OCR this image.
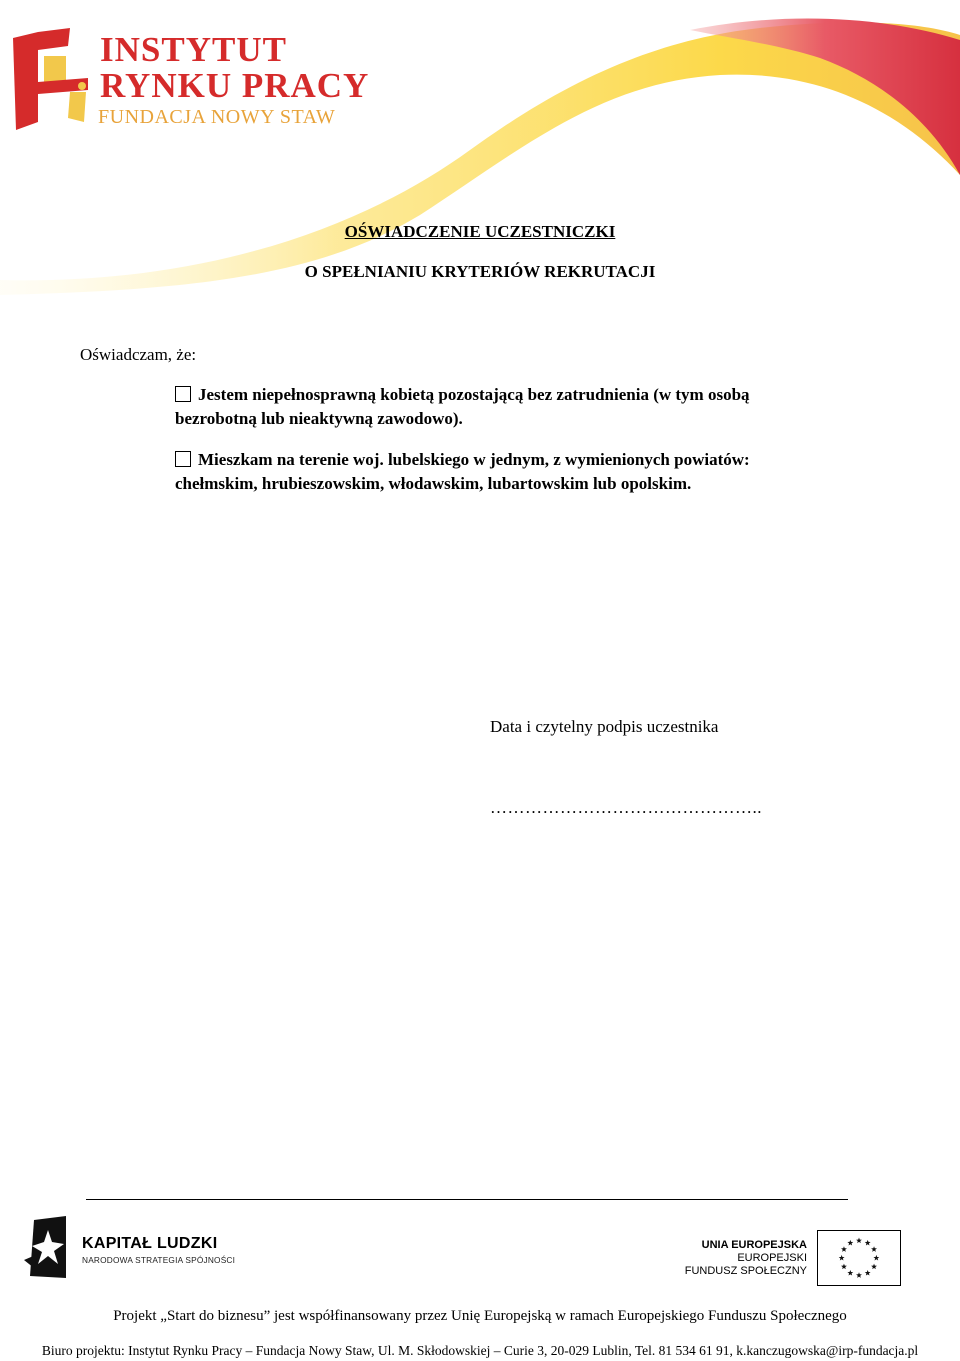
INSTYTUT
RYNKU PRACY
FUNDACJA NOWY STAW
OŚWIADCZENIE UCZESTNICZKI
O SPEŁNIANIU KRYTERIÓW REKRUTACJI
Oświadczam, że:
Jestem niepełnosprawną kobietą pozostającą bez zatrudnienia (w tym osobą bezrobotną lub nieaktywną zawodowo).
Mieszkam na terenie woj. lubelskiego w jednym, z wymienionych powiatów: chełmskim, hrubieszowskim, włodawskim, lubartowskim lub opolskim.
Data i czytelny podpis uczestnika
………………………………………..
KAPITAŁ LUDZKI
NARODOWA STRATEGIA SPÓJNOŚCI
UNIA EUROPEJSKA
EUROPEJSKI
FUNDUSZ SPOŁECZNY
Projekt „Start do biznesu” jest współfinansowany przez Unię Europejską w ramach Europejskiego Funduszu Społecznego
Biuro projektu: Instytut Rynku Pracy – Fundacja Nowy Staw, Ul. M. Skłodowskiej – Curie 3, 20-029 Lublin, Tel. 81 534 61 91, k.kanczugowska@irp-fundacja.pl
